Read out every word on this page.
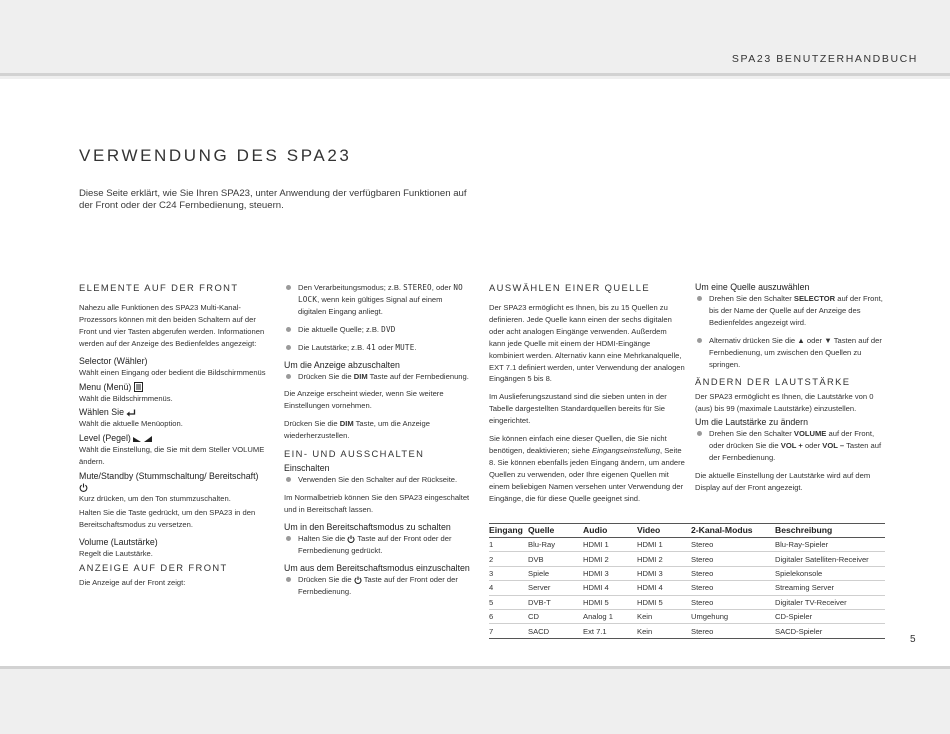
SPA23 BENUTZERHANDBUCH
VERWENDUNG DES SPA23

Diese Seite erklärt, wie Sie Ihren SPA23, unter Anwendung der verfügbaren Funktionen auf der Front oder der C24 Fernbedienung, steuern.

ELEMENTE AUF DER FRONT

Nahezu alle Funktionen des SPA23 Multi-Kanal-Prozessors können mit den beiden Schaltern auf der Front und vier Tasten abgerufen werden. Informationen werden auf der Anzeige des Bedienfeldes angezeigt:

Selector (Wähler)

Wählt einen Eingang oder bedient die Bildschirmmenüs

Menu (Menü)

Wählt die Bildschirmmenüs.

Wählen Sie

Wählt die aktuelle Menüoption.

Level (Pegel)

Wählt die Einstellung, die Sie mit dem Steller VOLUME ändern.

Mute/Standby (Stummschaltung/ Bereitschaft)

Kurz drücken, um den Ton stummzuschalten.

Halten Sie die Taste gedrückt, um den SPA23 in den Bereitschaftsmodus zu versetzen.

Volume (Lautstärke)

Regelt die Lautstärke.

ANZEIGE AUF DER FRONT

Die Anzeige auf der Front zeigt:

Den Verarbeitungsmodus; z.B. STEREO, oder NO LOCK, wenn kein gültiges Signal auf einem digitalen Eingang anliegt.
Die aktuelle Quelle; z.B. DVD
Die Lautstärke; z.B. 41 oder MUTE.
Um die Anzeige abzuschalten
Drücken Sie die DIM Taste auf der Fernbedienung.

Die Anzeige erscheint wieder, wenn Sie weitere Einstellungen vornehmen.

Drücken Sie die DIM Taste, um die Anzeige wiederherzustellen.

EIN- UND AUSSCHALTEN
Einschalten
Verwenden Sie den Schalter auf der Rückseite.

Im Normalbetrieb können Sie den SPA23 eingeschaltet und in Bereitschaft lassen.

Um in den Bereitschaftsmodus zu schalten
Halten Sie die Taste auf der Front oder der Fernbedienung gedrückt.
Um aus dem Bereitschaftsmodus einzuschalten
Drücken Sie die Taste auf der Front oder der Fernbedienung.
AUSWÄHLEN EINER QUELLE

Der SPA23 ermöglicht es Ihnen, bis zu 15 Quellen zu definieren. Jede Quelle kann einen der sechs digitalen oder acht analogen Eingänge verwenden. Außerdem kann jede Quelle mit einem der HDMI-Eingänge kombiniert werden. Alternativ kann eine Mehrkanalquelle, EXT 7.1 definiert werden, unter Verwendung der analogen Eingängen 5 bis 8.

Im Auslieferungszustand sind die sieben unten in der Tabelle dargestellten Standardquellen bereits für Sie eingerichtet.

Sie können einfach eine dieser Quellen, die Sie nicht benötigen, deaktivieren; siehe Eingangseinstellung, Seite 8. Sie können ebenfalls jeden Eingang ändern, um andere Quellen zu verwenden, oder Ihre eigenen Quellen mit einem beliebigen Namen versehen unter Verwendung der Eingänge, die für diese Quelle geeignet sind.

Um eine Quelle auszuwählen
Drehen Sie den Schalter SELECTOR auf der Front, bis der Name der Quelle auf der Anzeige des Bedienfeldes angezeigt wird.
Alternativ drücken Sie die ▲ oder ▼ Tasten auf der Fernbedienung, um zwischen den Quellen zu springen.
ÄNDERN DER LAUTSTÄRKE

Der SPA23 ermöglicht es Ihnen, die Lautstärke von 0 (aus) bis 99 (maximale Lautstärke) einzustellen.

Um die Lautstärke zu ändern
Drehen Sie den Schalter VOLUME auf der Front, oder drücken Sie die VOL + oder VOL – Tasten auf der Fernbedienung.

Die aktuelle Einstellung der Lautstärke wird auf dem Display auf der Front angezeigt.

Eingang	Quelle	Audio	Video	2-Kanal-Modus	Beschreibung
1	Blu-Ray	HDMI 1	HDMI 1	Stereo	Blu-Ray-Spieler
2	DVB	HDMI 2	HDMI 2	Stereo	Digitaler Satelliten-Receiver
3	Spiele	HDMI 3	HDMI 3	Stereo	Spielekonsole
4	Server	HDMI 4	HDMI 4	Stereo	Streaming Server
5	DVB-T	HDMI 5	HDMI 5	Stereo	Digitaler TV-Receiver
6	CD	Analog 1	Kein	Umgehung	CD-Spieler
7	SACD	Ext 7.1	Kein	Stereo	SACD-Spieler
5
